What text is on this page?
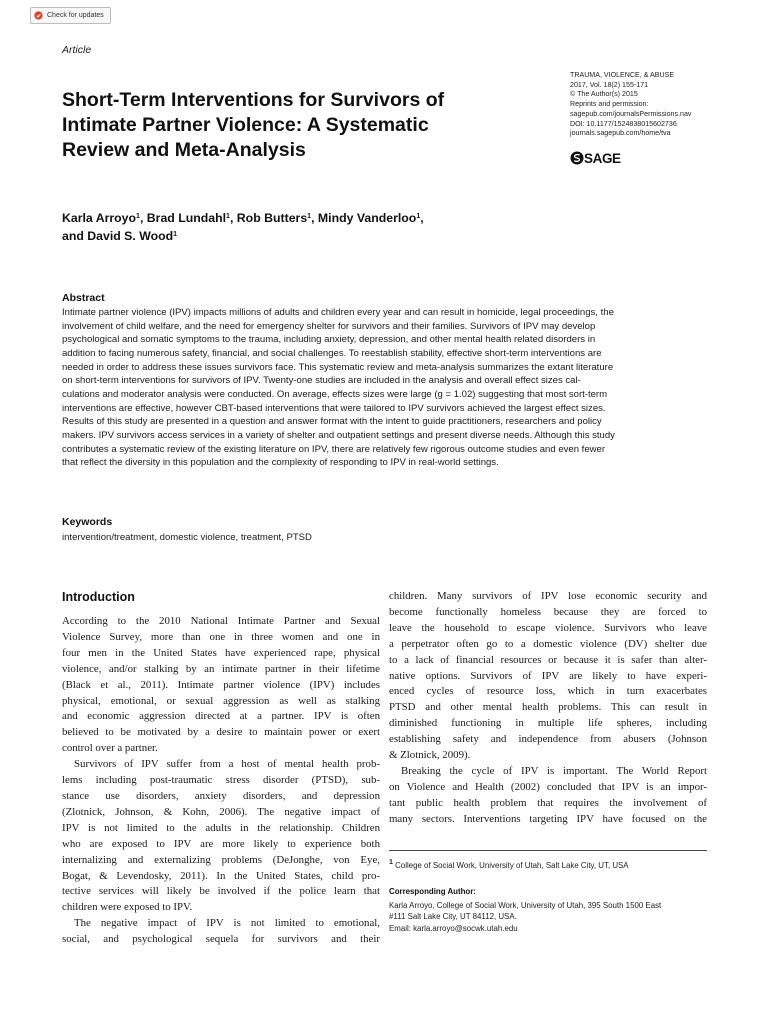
Check for updates
Article
TRAUMA, VIOLENCE, & ABUSE
2017, Vol. 18(2) 155-171
© The Author(s) 2015
Reprints and permission:
sagepub.com/journalsPermissions.nav
DOI: 10.1177/1524838015602736
journals.sagepub.com/home/tva
SAGE
Short-Term Interventions for Survivors of
Intimate Partner Violence: A Systematic
Review and Meta-Analysis
Karla Arroyo$^1$, Brad Lundahl$^1$, Rob Butters$^1$, Mindy Vanderloo$^1$,
and David S. Wood$^1$
Abstract
Intimate partner violence (IPV) impacts millions of adults and children every year and can result in homicide, legal proceedings, the
involvement of child welfare, and the need for emergency shelter for survivors and their families. Survivors of IPV may develop
psychological and somatic symptoms to the trauma, including anxiety, depression, and other mental health related disorders in
addition to facing numerous safety, financial, and social challenges. To reestablish stability, effective short-term interventions are
needed in order to address these issues survivors face. This systematic review and meta-analysis summarizes the extant literature
on short-term interventions for survivors of IPV. Twenty-one studies are included in the analysis and overall effect sizes cal-
culations and moderator analysis were conducted. On average, effects sizes were large (g = 1.02) suggesting that most sort-term
interventions are effective, however CBT-based interventions that were tailored to IPV survivors achieved the largest effect sizes.
Results of this study are presented in a question and answer format with the intent to guide practitioners, researchers and policy
makers. IPV survivors access services in a variety of shelter and outpatient settings and present diverse needs. Although this study
contributes a systematic review of the existing literature on IPV, there are relatively few rigorous outcome studies and even fewer
that reflect the diversity in this population and the complexity of responding to IPV in real-world settings.
Keywords
intervention/treatment, domestic violence, treatment, PTSD
Introduction
According to the 2010 National Intimate Partner and Sexual
Violence Survey, more than one in three women and one in
four men in the United States have experienced rape, physical
violence, and/or stalking by an intimate partner in their lifetime
(Black et al., 2011). Intimate partner violence (IPV) includes
physical, emotional, or sexual aggression as well as stalking
and economic aggression directed at a partner. IPV is often
believed to be motivated by a desire to maintain power or exert
control over a partner.
Survivors of IPV suffer from a host of mental health prob-
lems including post-traumatic stress disorder (PTSD), sub-
stance use disorders, anxiety disorders, and depression
(Zlotnick, Johnson, & Kohn, 2006). The negative impact of
IPV is not limited to the adults in the relationship. Children
who are exposed to IPV are more likely to experience both
internalizing and externalizing problems (DeJonghe, von Eye,
Bogat, & Levendosky, 2011). In the United States, child pro-
tective services will likely be involved if the police learn that
children were exposed to IPV.
The negative impact of IPV is not limited to emotional,
social, and psychological sequela for survivors and their
children. Many survivors of IPV lose economic security and
become functionally homeless because they are forced to
leave the household to escape violence. Survivors who leave
a perpetrator often go to a domestic violence (DV) shelter due
to a lack of financial resources or because it is safer than alter-
native options. Survivors of IPV are likely to have experi-
enced cycles of resource loss, which in turn exacerbates
PTSD and other mental health problems. This can result in
diminished functioning in multiple life spheres, including
establishing safety and independence from abusers (Johnson
& Zlotnick, 2009).
Breaking the cycle of IPV is important. The World Report
on Violence and Health (2002) concluded that IPV is an impor-
tant public health problem that requires the involvement of
many sectors. Interventions targeting IPV have focused on the
$^1$ College of Social Work, University of Utah, Salt Lake City, UT, USA
Corresponding Author:
Karla Arroyo, College of Social Work, University of Utah, 395 South 1500 East
#111 Salt Lake City, UT 84112, USA.
Email: karla.arroyo@socwk.utah.edu
